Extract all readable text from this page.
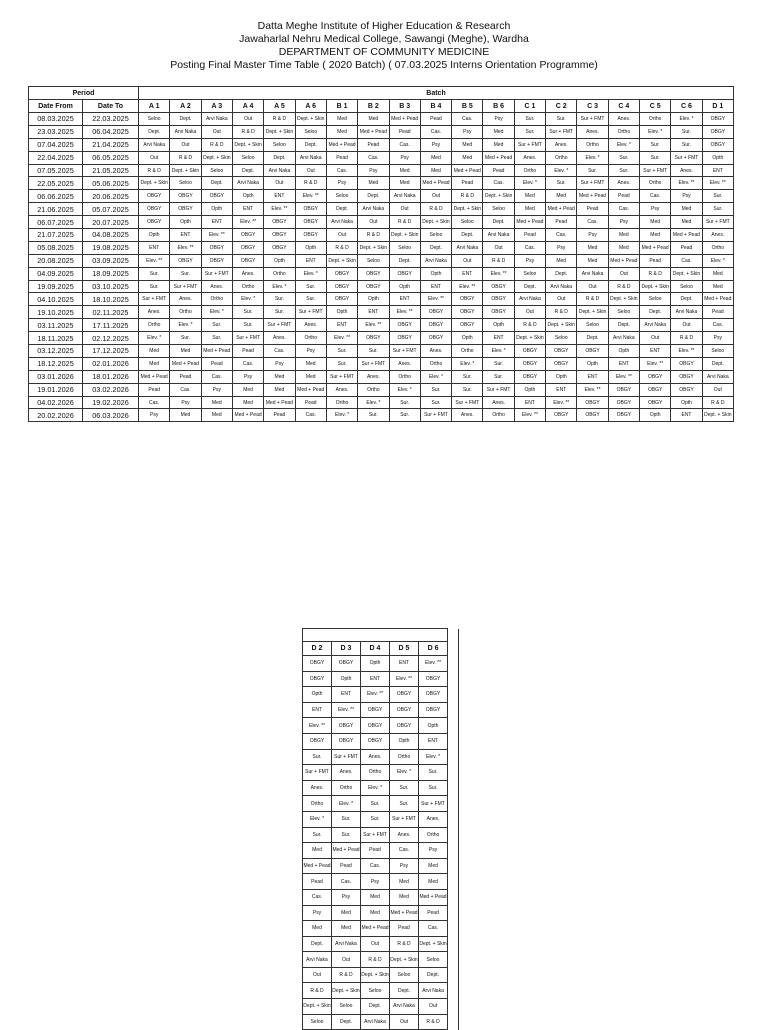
Datta Meghe Institute of Higher Education & Research
Jawaharlal Nehru Medical College, Sawangi (Meghe), Wardha
DEPARTMENT OF COMMUNITY MEDICINE
Posting Final Master Time Table ( 2020 Batch) ( 07.03.2025 Interns Orientation Programme)
Period		Batch																		
Date From	Date To	A 1	A 2	A 3	A 4	A 5	A 6	B 1	B 2	B 3	B 4	B 5	B 6	C 1	C 2	C 3	C 4	C 5	C 6	D 1
08.03.2025	22.03.2025	Seloo	Dept.	Arvi Naka	Out	R & D	Dept. + Skin	Med	Med	Med + Pead	Pead	Cas.	Psy	Sur.	Sur.	Sur + FMT	Anes.	Ortho	Elev. *	OBGY
23.03.2025	06.04.2025	Dept.	Arvi Naka	Out	R & D	Dept. + Skin	Seloo	Med	Med + Pead	Pead	Cas.	Psy	Med	Sur.	Sur + FMT	Anes.	Ortho	Elev. *	Sur.	OBGY
07.04.2025	21.04.2025	Arvi Naka	Out	R & D	Dept. + Skin	Seloo	Dept.	Med + Pead	Pead	Cas.	Psy	Med	Med	Sur + FMT	Anes.	Ortho	Elev. *	Sur.	Sur.	OBGY
22.04.2025	06.05.2025	Out	R & D	Dept. + Skin	Seloo	Dept.	Arvi Naka	Pead	Cas.	Psy	Med	Med	Med + Pead	Anes.	Ortho	Elev. *	Sur.	Sur.	Sur + FMT	Opth
07.05.2025	21.05.2025	R & D	Dept. + Skin	Seloo	Dept.	Arvi Naka	Out	Cas.	Psy	Med	Med	Med + Pead	Pead	Ortho	Elev. *	Sur.	Sur.	Sur + FMT	Anes.	ENT
22.05.2025	05.06.2025	Dept. + Skin	Seloo	Dept.	Arvi Naka	Out	R & D	Psy	Med	Med	Med + Pead	Pead	Cas.	Elev. *	Sur.	Sur + FMT	Anes.	Ortho	Elev. **	Elev. **
06.06.2025	20.06.2025	OBGY	OBGY	OBGY	Opth	ENT	Elev. **	Seloo	Dept.	Arvi Naka	Out	R & D	Dept. + Skin	Med	Med	Med + Pead	Pead	Cas.	Psy	Sur.
21.06.2025	05.07.2025	OBGY	OBGY	Opth	ENT	Elev. **	OBGY	Dept.	Arvi Naka	Out	R & D	Dept. + Skin	Seloo	Med	Med + Pead	Pead	Cas.	Psy	Med	Sur.
06.07.2025	20.07.2025	OBGY	Opth	ENT	Elev. **	OBGY	OBGY	Arvi Naka	Out	R & D	Dept. + Skin	Seloo	Dept.	Med + Pead	Pead	Cas.	Psy	Med	Med	Sur + FMT
21.07.2025	04.08.2025	Opth	ENT	Elev. **	OBGY	OBGY	OBGY	Out	R & D	Dept. + Skin	Seloo	Dept.	Arvi Naka	Pead	Cas.	Psy	Med	Med	Med + Pead	Anes.
05.08.2025	19.08.2025	ENT	Elev. **	OBGY	OBGY	OBGY	Opth	R & D	Dept. + Skin	Seloo	Dept.	Arvi Naka	Out	Cas.	Psy	Med	Med	Med + Pead	Pead	Ortho
20.08.2025	03.09.2025	Elev. **	OBGY	OBGY	OBGY	Opth	ENT	Dept. + Skin	Seloo	Dept.	Arvi Naka	Out	R & D	Psy	Med	Med	Med + Pead	Pead	Cas.	Elev. *
04.09.2025	18.09.2025	Sur.	Sur.	Sur + FMT	Anes.	Ortho	Elev. *	OBGY	OBGY	OBGY	Opth	ENT	Elev. **	Seloo	Dept.	Arvi Naka	Out	R & D	Dept. + Skin	Med
19.09.2025	03.10.2025	Sur.	Sur + FMT	Anes.	Ortho	Elev. *	Sur.	OBGY	OBGY	Opth	ENT	Elev. **	OBGY	Dept.	Arvi Naka	Out	R & D	Dept. + Skin	Seloo	Med
04.10.2025	18.10.2025	Sur + FMT	Anes.	Ortho	Elev. *	Sur.	Sur.	OBGY	Opth	ENT	Elev. **	OBGY	OBGY	Arvi Naka	Out	R & D	Dept. + Skin	Seloo	Dept.	Med + Pead
19.10.2025	02.11.2025	Anes.	Ortho	Elev. *	Sur.	Sur.	Sur + FMT	Opth	ENT	Elev. **	OBGY	OBGY	OBGY	Out	R & D	Dept. + Skin	Seloo	Dept.	Arvi Naka	Pead
03.11.2025	17.11.2025	Ortho	Elev. *	Sur.	Sur.	Sur + FMT	Anes.	ENT	Elev. **	OBGY	OBGY	OBGY	Opth	R & D	Dept. + Skin	Seloo	Dept.	Arvi Naka	Out	Cas.
18.11.2025	02.12.2025	Elev. *	Sur.	Sur.	Sur + FMT	Anes.	Ortho	Elev. **	OBGY	OBGY	OBGY	Opth	ENT	Dept. + Skin	Seloo	Dept.	Arvi Naka	Out	R & D	Psy
03.12.2025	17.12.2025	Med	Med	Med + Pead	Pead	Cas.	Psy	Sur.	Sur.	Sur + FMT	Anes.	Ortho	Elev. *	OBGY	OBGY	OBGY	Opth	ENT	Elev. **	Seloo
18.12.2025	02.01.2026	Med	Med + Pead	Pead	Cas.	Psy	Med	Sur.	Sur + FMT	Anes.	Ortho	Elev. *	Sur.	OBGY	OBGY	Opth	ENT	Elev. **	OBGY	Dept.
03.01.2026	18.01.2026	Med + Pead	Pead	Cas.	Psy	Med	Med	Sur + FMT	Anes.	Ortho	Elev. *	Sur.	Sur.	OBGY	Opth	ENT	Elev. **	OBGY	OBGY	Arvi Naka
19.01.2026	03.02.2026	Pead	Cas.	Psy	Med	Med	Med + Pead	Anes.	Ortho	Elev. *	Sur.	Sur.	Sur + FMT	Opth	ENT	Elev. **	OBGY	OBGY	OBGY	Out
04.02.2026	19.02.2026	Cas.	Psy	Med	Med	Med + Pead	Pead	Ortho	Elev. *	Sur.	Sur.	Sur + FMT	Anes.	ENT	Elev. **	OBGY	OBGY	OBGY	Opth	R & D
20.02.2026	06.03.2026	Psy	Med	Med	Med + Pead	Pead	Cas.	Elev. *	Sur.	Sur.	Sur + FMT	Anes.	Ortho	Elev. **	OBGY	OBGY	OBGY	Opth	ENT	Dept. + Skin

D 2	D 3	D 4	D 5	D 6	
OBGY	OBGY	Opth	ENT	Elev. **	
OBGY	Opth	ENT	Elev. **	OBGY	
Opth	ENT	Elev. **	OBGY	OBGY	
ENT	Elev. **	OBGY	OBGY	OBGY	
Elev. **	OBGY	OBGY	OBGY	Opth	
OBGY	OBGY	OBGY	Opth	ENT	
Sur.	Sur + FMT	Anes.	Ortho	Elev. *	
Sur + FMT	Anes.	Ortho	Elev. *	Sur.	
Anes.	Ortho	Elev. *	Sur.	Sur.	
Ortho	Elev. *	Sur.	Sur.	Sur + FMT	
Elev. *	Sur.	Sur.	Sur + FMT	Anes.	
Sur.	Sur.	Sur + FMT	Anes.	Ortho	
Med	Med + Pead	Pead	Cas.	Psy	
Med + Pead	Pead	Cas.	Psy	Med	
Pead	Cas.	Psy	Med	Med	
Cas.	Psy	Med	Med	Med + Pead	
Psy	Med	Med	Med + Pead	Pead	
Med	Med	Med + Pead	Pead	Cas.	
Dept.	Arvi Naka	Out	R & D	Dept. + Skin	
Arvi Naka	Out	R & D	Dept. + Skin	Seloo	
Out	R & D	Dept. + Skin	Seloo	Dept.	
R & D	Dept. + Skin	Seloo	Dept.	Arvi Naka	
Dept. + Skin	Seloo	Dept.	Arvi Naka	Out	
Seloo	Dept.	Arvi Naka	Out	R & D	
